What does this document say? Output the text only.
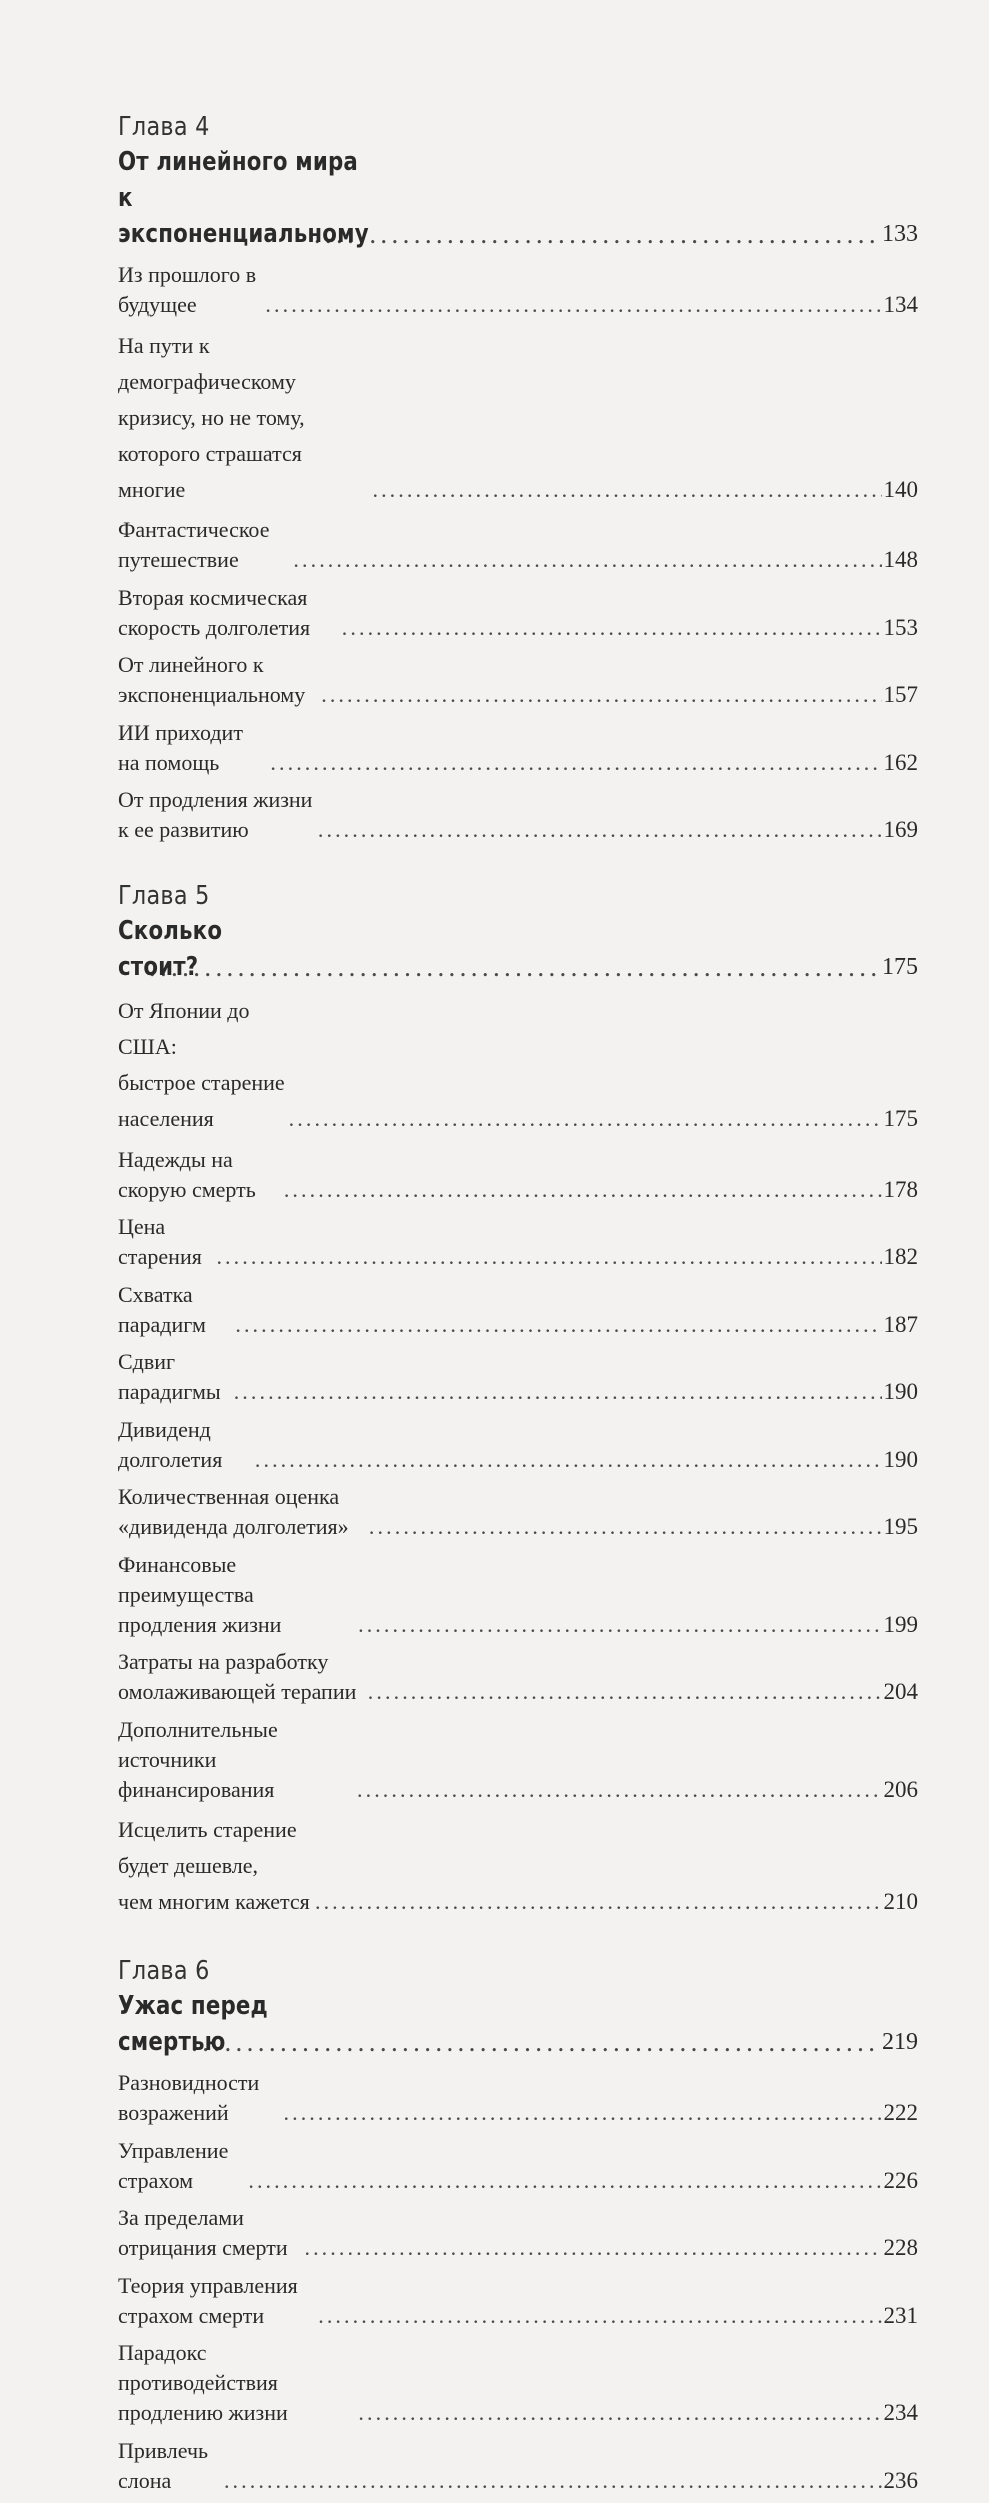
Глава 4
От линейного мира к экспоненциальному . . .	133
Из прошлого в будущее . . .	134
На пути к демографическому кризису, но не тому,
которого страшатся многие . . .	140
Фантастическое путешествие . . .	148
Вторая космическая скорость долголетия . . .	153
От линейного к экспоненциальному . . .	157
ИИ приходит на помощь . . .	162
От продления жизни к ее развитию . . .	169
Глава 5
Сколько стоит? . . .	175
От Японии до США:
быстрое старение населения . . .	175
Надежды на скорую смерть . . .	178
Цена старения . . .	182
Схватка парадигм . . .	187
Сдвиг парадигмы . . .	190
Дивиденд долголетия . . .	190
Количественная оценка «дивиденда долголетия» . . .	195
Финансовые преимущества продления жизни . . .	199
Затраты на разработку омолаживающей терапии . . .	204
Дополнительные источники финансирования . . .	206
Исцелить старение будет дешевле,
чем многим кажется . . .	210
Глава 6
Ужас перед смертью . . .	219
Разновидности возражений . . .	222
Управление страхом . . .	226
За пределами отрицания смерти . . .	228
Теория управления страхом смерти . . .	231
Парадокс противодействия продлению жизни . . .	234
Привлечь слона . . .	236
